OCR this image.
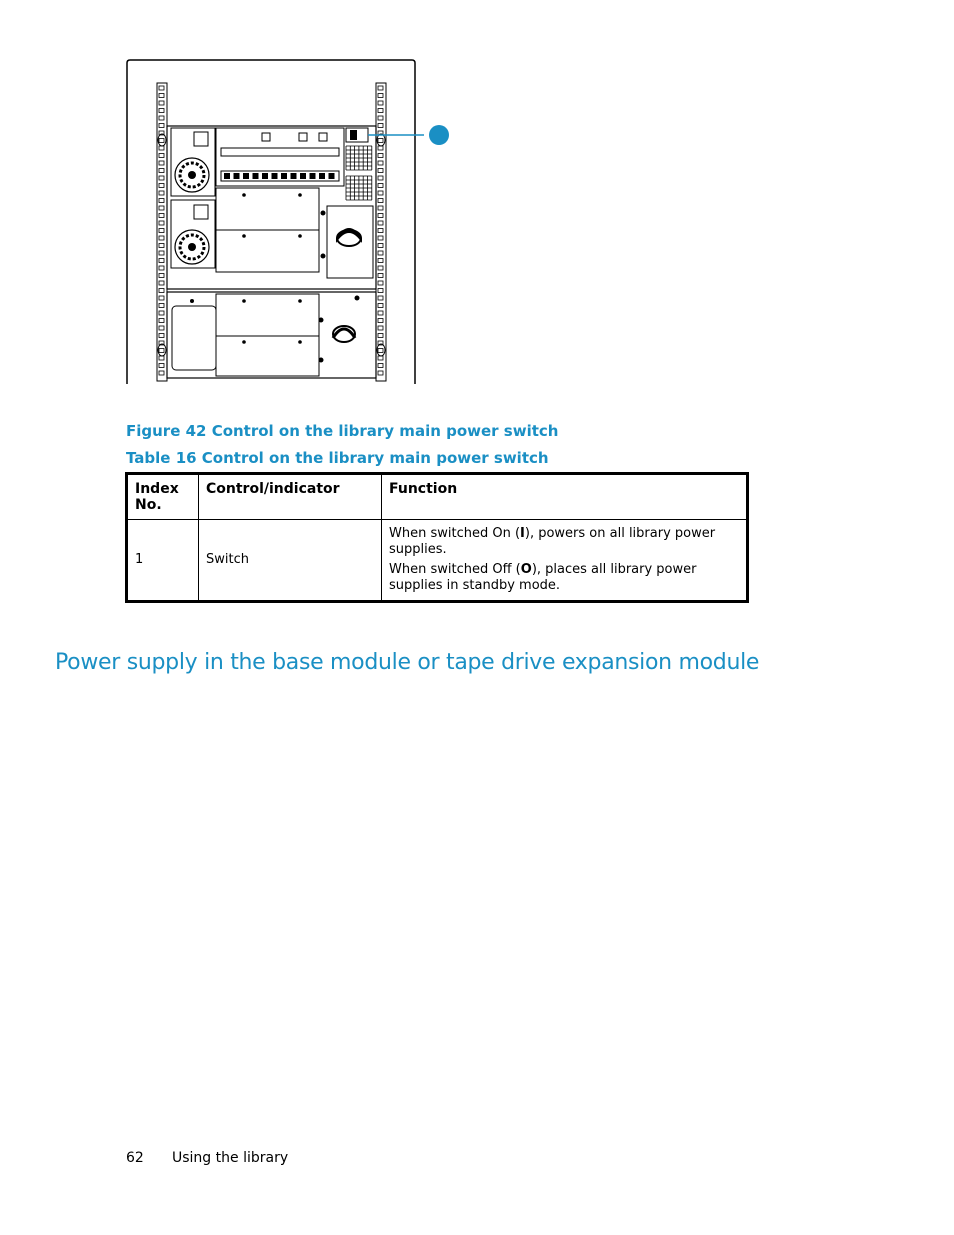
Figure 42 Control on the library main power switch
Table 16 Control on the library main power switch
Index No.	Control/indicator	Function
1	Switch	When switched On (I), powers on all library power supplies.

When switched Off (O), places all library power supplies in standby mode.

Power supply in the base module or tape drive expansion module
62 Using the library
